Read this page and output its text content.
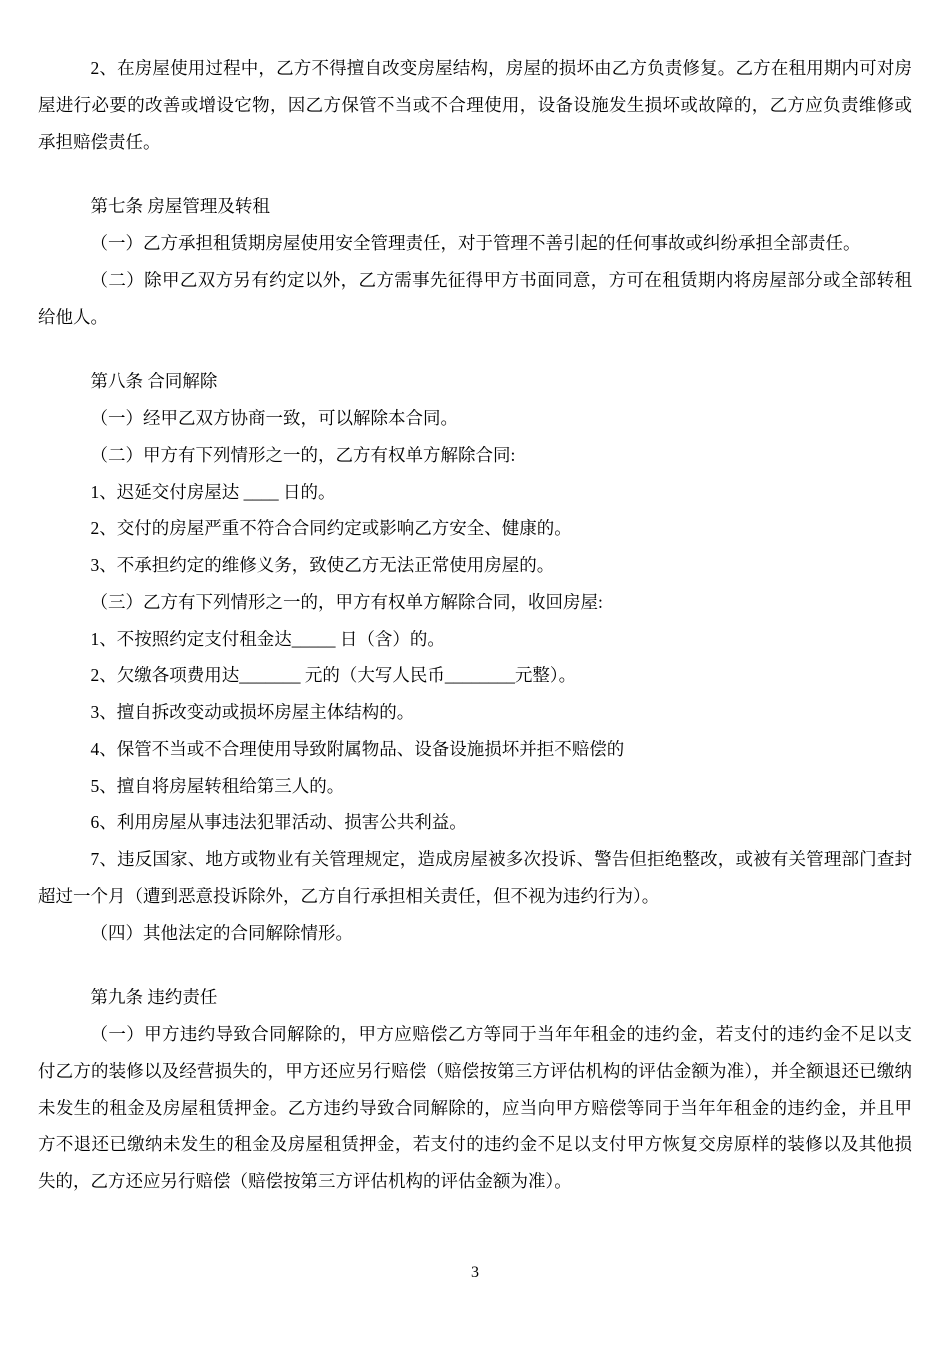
2、在房屋使用过程中，乙方不得擅自改变房屋结构，房屋的损坏由乙方负责修复。乙方在租用期内可对房屋进行必要的改善或增设它物，因乙方保管不当或不合理使用，设备设施发生损坏或故障的，乙方应负责维修或承担赔偿责任。

第七条 房屋管理及转租

（一）乙方承担租赁期房屋使用安全管理责任，对于管理不善引起的任何事故或纠纷承担全部责任。

（二）除甲乙双方另有约定以外，乙方需事先征得甲方书面同意，方可在租赁期内将房屋部分或全部转租给他人。

第八条 合同解除

（一）经甲乙双方协商一致，可以解除本合同。

（二）甲方有下列情形之一的，乙方有权单方解除合同:

1、迟延交付房屋达 ____ 日的。

2、交付的房屋严重不符合合同约定或影响乙方安全、健康的。

3、不承担约定的维修义务，致使乙方无法正常使用房屋的。

（三）乙方有下列情形之一的，甲方有权单方解除合同，收回房屋:

1、不按照约定支付租金达_____ 日（含）的。

2、欠缴各项费用达_______ 元的（大写人民币________元整）。

3、擅自拆改变动或损坏房屋主体结构的。

4、保管不当或不合理使用导致附属物品、设备设施损坏并拒不赔偿的

5、擅自将房屋转租给第三人的。

6、利用房屋从事违法犯罪活动、损害公共利益。

7、违反国家、地方或物业有关管理规定，造成房屋被多次投诉、警告但拒绝整改，或被有关管理部门查封超过一个月（遭到恶意投诉除外，乙方自行承担相关责任，但不视为违约行为）。

（四）其他法定的合同解除情形。

第九条 违约责任

（一）甲方违约导致合同解除的，甲方应赔偿乙方等同于当年年租金的违约金，若支付的违约金不足以支付乙方的装修以及经营损失的，甲方还应另行赔偿（赔偿按第三方评估机构的评估金额为准），并全额退还已缴纳未发生的租金及房屋租赁押金。乙方违约导致合同解除的，应当向甲方赔偿等同于当年年租金的违约金，并且甲方不退还已缴纳未发生的租金及房屋租赁押金，若支付的违约金不足以支付甲方恢复交房原样的装修以及其他损失的，乙方还应另行赔偿（赔偿按第三方评估机构的评估金额为准）。

3
